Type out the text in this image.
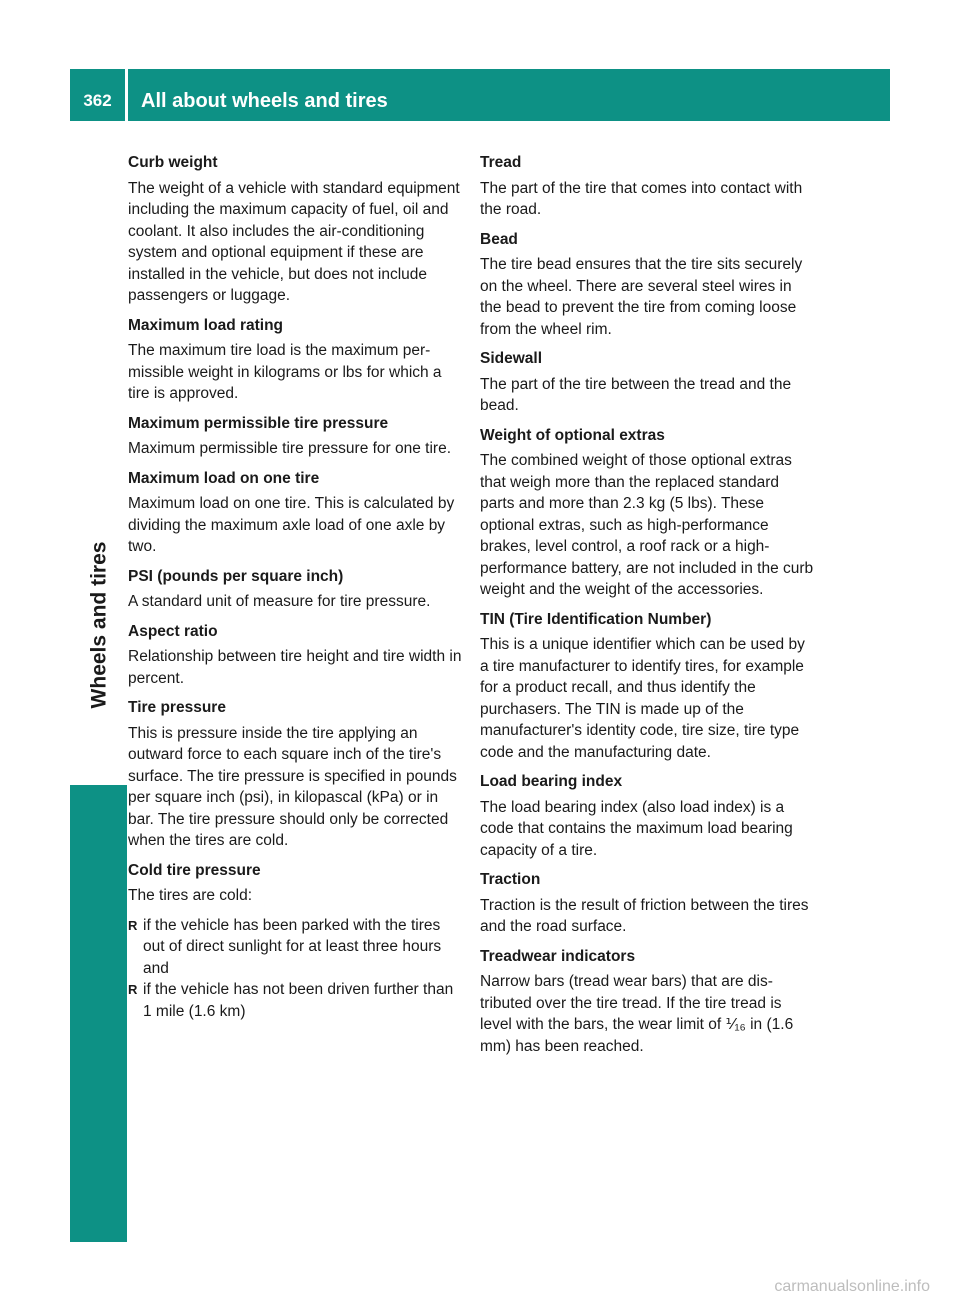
362	All about wheels and tires
Wheels and tires
Curb weight
The weight of a vehicle with standard equipment including the maximum capacity of fuel, oil and coolant. It also includes the air-conditioning system and optional equipment if these are installed in the vehicle, but does not include passengers or luggage.
Maximum load rating
The maximum tire load is the maximum permissible weight in kilograms or lbs for which a tire is approved.
Maximum permissible tire pressure
Maximum permissible tire pressure for one tire.
Maximum load on one tire
Maximum load on one tire. This is calculated by dividing the maximum axle load of one axle by two.
PSI (pounds per square inch)
A standard unit of measure for tire pressure.
Aspect ratio
Relationship between tire height and tire width in percent.
Tire pressure
This is pressure inside the tire applying an outward force to each square inch of the tire's surface. The tire pressure is specified in pounds per square inch (psi), in kilopascal (kPa) or in bar. The tire pressure should only be corrected when the tires are cold.
Cold tire pressure
The tires are cold:
R if the vehicle has been parked with the tires out of direct sunlight for at least three hours and
R if the vehicle has not been driven further than 1 mile (1.6 km)
Tread
The part of the tire that comes into contact with the road.
Bead
The tire bead ensures that the tire sits securely on the wheel. There are several steel wires in the bead to prevent the tire from coming loose from the wheel rim.
Sidewall
The part of the tire between the tread and the bead.
Weight of optional extras
The combined weight of those optional extras that weigh more than the replaced standard parts and more than 2.3 kg (5 lbs). These optional extras, such as high-performance brakes, level control, a roof rack or a high-performance battery, are not included in the curb weight and the weight of the accessories.
TIN (Tire Identification Number)
This is a unique identifier which can be used by a tire manufacturer to identify tires, for example for a product recall, and thus identify the purchasers. The TIN is made up of the manufacturer's identity code, tire size, tire type code and the manufacturing date.
Load bearing index
The load bearing index (also load index) is a code that contains the maximum load bearing capacity of a tire.
Traction
Traction is the result of friction between the tires and the road surface.
Treadwear indicators
Narrow bars (tread wear bars) that are distributed over the tire tread. If the tire tread is level with the bars, the wear limit of ⅟₁₆ in (1.6 mm) has been reached.
carmanualsonline.info
